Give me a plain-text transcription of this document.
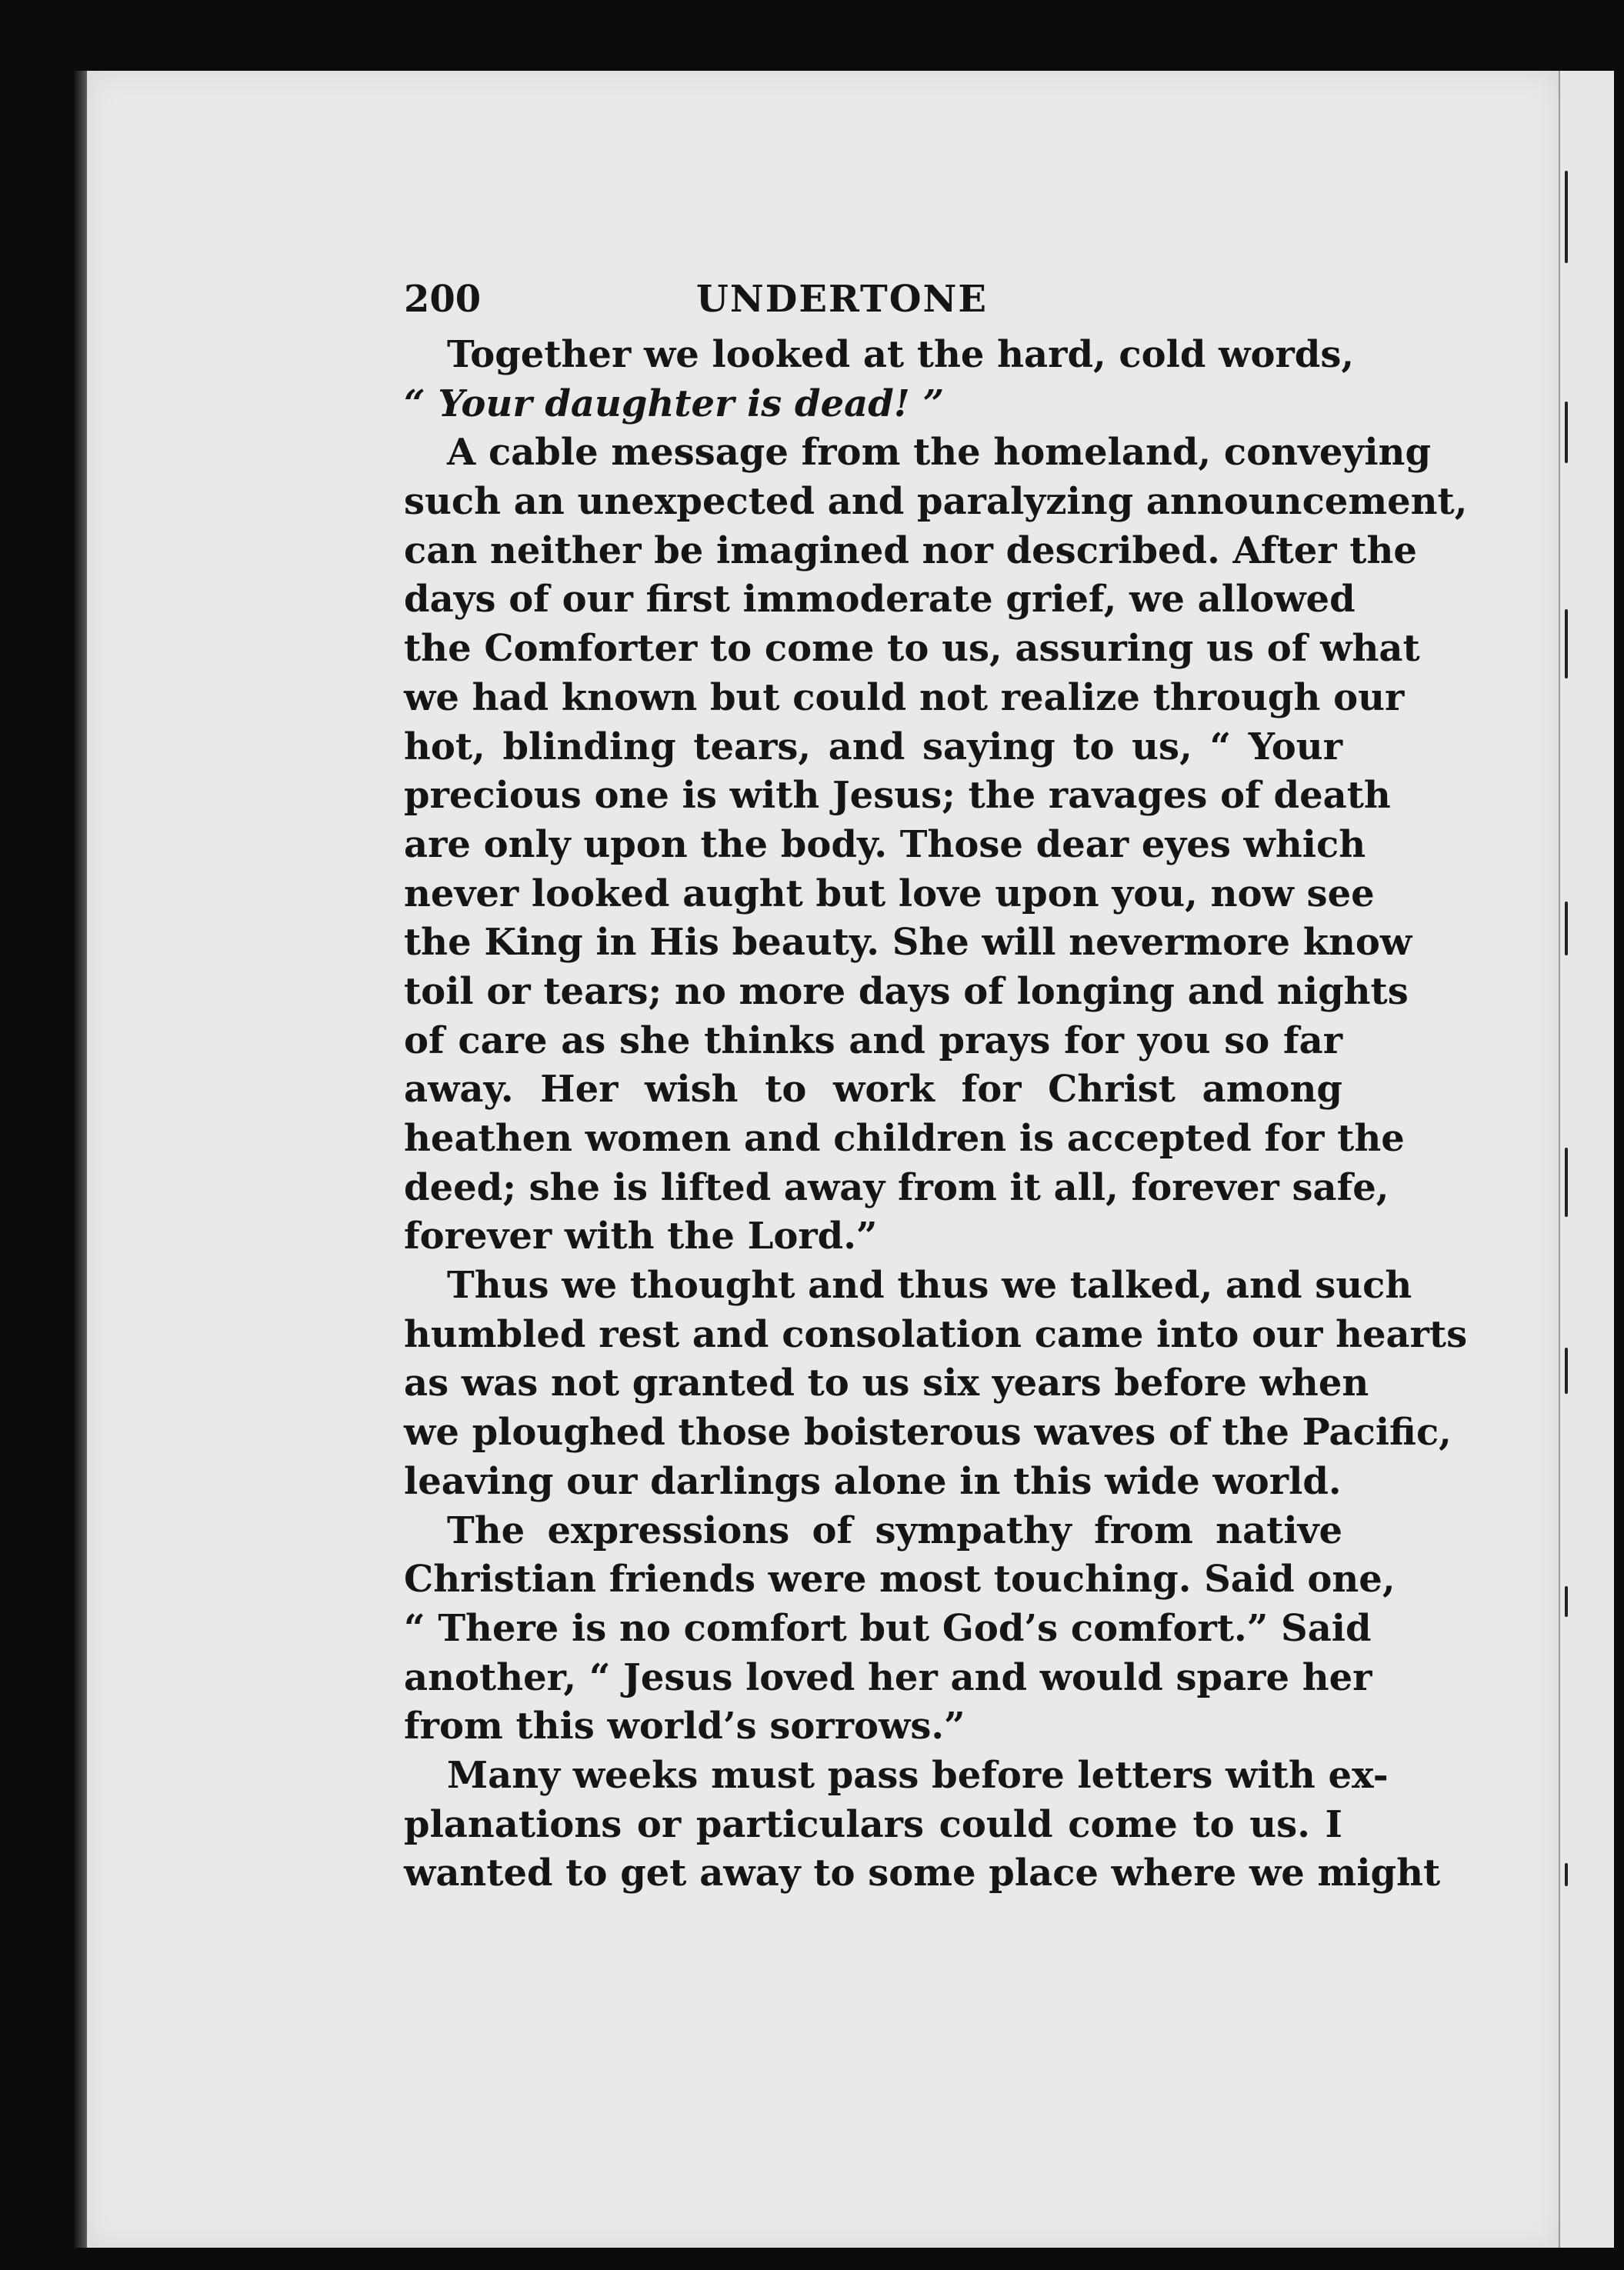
200	UNDERTONE
Together we looked at the hard, cold words,
“ Your daughter is dead! ”
A cable message from the homeland, conveying
such an unexpected and paralyzing announcement,
can neither be imagined nor described. After the
days of our first immoderate grief, we allowed
the Comforter to come to us, assuring us of what
we had known but could not realize through our
hot, blinding tears, and saying to us, “ Your
precious one is with Jesus; the ravages of death
are only upon the body. Those dear eyes which
never looked aught but love upon you, now see
the King in His beauty. She will nevermore know
toil or tears; no more days of longing and nights
of care as she thinks and prays for you so far
away. Her wish to work for Christ among
heathen women and children is accepted for the
deed; she is lifted away from it all, forever safe,
forever with the Lord.”
Thus we thought and thus we talked, and such
humbled rest and consolation came into our hearts
as was not granted to us six years before when
we ploughed those boisterous waves of the Pacific,
leaving our darlings alone in this wide world.
The expressions of sympathy from native
Christian friends were most touching. Said one,
“ There is no comfort but God’s comfort.” Said
another, “ Jesus loved her and would spare her
from this world’s sorrows.”
Many weeks must pass before letters with ex-
planations or particulars could come to us. I
wanted to get away to some place where we might
